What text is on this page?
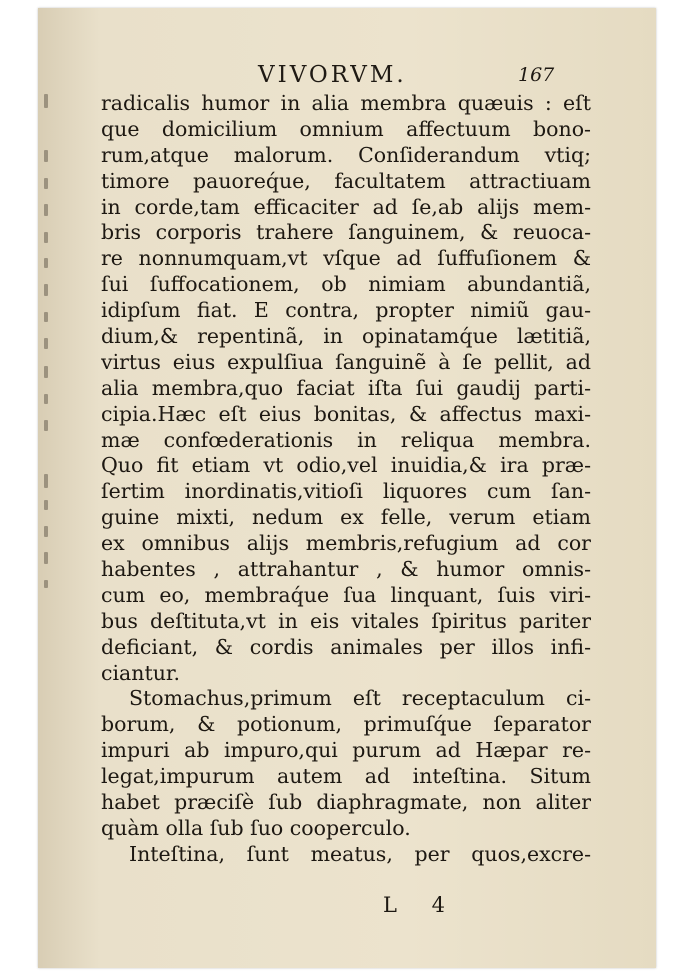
VIVORVM.	167
radicalis humor in alia membra quæuis : eſt
que domicilium omnium affectuum bono-
rum,atque malorum. Conſiderandum vtiq;
timore pauoreq́ue, facultatem attractiuam
in corde,tam efficaciter ad ſe,ab alijs mem-
bris corporis trahere ſanguinem, & reuoca-
re nonnumquam,vt vſque ad ſuffuſionem &
ſui ſuffocationem, ob nimiam abundantiã,
idipſum fiat. E contra, propter nimiũ gau-
dium,& repentinã, in opinatamq́ue lætitiã,
virtus eius expulſiua ſanguinẽ à ſe pellit, ad
alia membra,quo faciat iſta ſui gaudij parti-
cipia.Hæc eſt eius bonitas, & affectus maxi-
mæ confœderationis in reliqua membra.
Quo fit etiam vt odio,vel inuidia,& ira præ-
ſertim inordinatis,vitioſi liquores cum ſan-
guine mixti, nedum ex felle, verum etiam
ex omnibus alijs membris,refugium ad cor
habentes , attrahantur , & humor omnis-
cum eo, membraq́ue ſua linquant, ſuis viri-
bus deſtituta,vt in eis vitales ſpiritus pariter
deficiant, & cordis animales per illos infi-
ciantur.
Stomachus,primum eſt receptaculum ci-
borum, & potionum, primuſq́ue ſeparator
impuri ab impuro,qui purum ad Hæpar re-
legat,impurum autem ad inteſtina. Situm
habet præciſè ſub diaphragmate, non aliter
quàm olla ſub ſuo cooperculo.
Inteſtina, ſunt meatus, per quos,excre-
L 4
